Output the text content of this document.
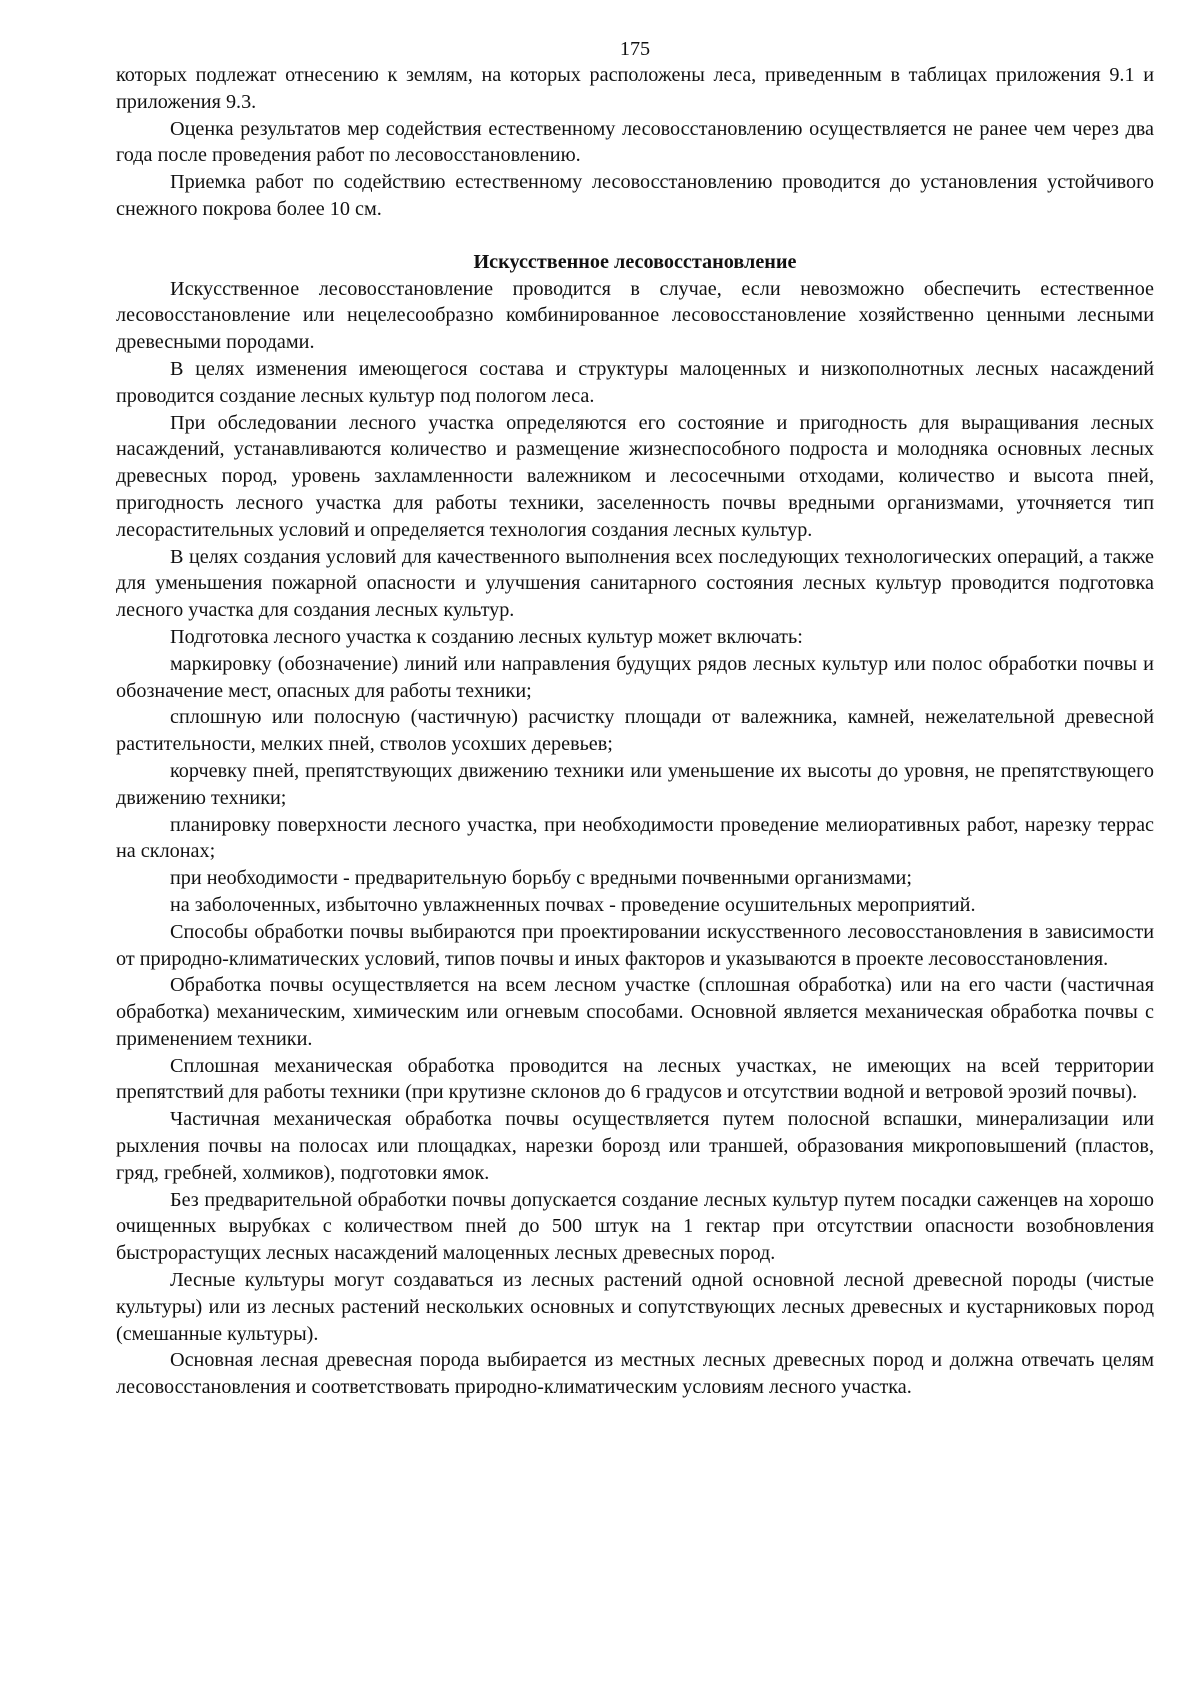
175

которых подлежат отнесению к землям, на которых расположены леса, приведенным в таблицах приложения 9.1 и приложения 9.3.

Оценка результатов мер содействия естественному лесовосстановлению осуществляется не ранее чем через два года после проведения работ по лесовосстановлению.

Приемка работ по содействию естественному лесовосстановлению проводится до установления устойчивого снежного покрова более 10 см.

Искусственное лесовосстановление

Искусственное лесовосстановление проводится в случае, если невозможно обеспечить естественное лесовосстановление или нецелесообразно комбинированное лесовосстановление хозяйственно ценными лесными древесными породами.

В целях изменения имеющегося состава и структуры малоценных и низкополнотных лесных насаждений проводится создание лесных культур под пологом леса.

При обследовании лесного участка определяются его состояние и пригодность для выращивания лесных насаждений, устанавливаются количество и размещение жизнеспособного подроста и молодняка основных лесных древесных пород, уровень захламленности валежником и лесосечными отходами, количество и высота пней, пригодность лесного участка для работы техники, заселенность почвы вредными организмами, уточняется тип лесорастительных условий и определяется технология создания лесных культур.

В целях создания условий для качественного выполнения всех последующих технологических операций, а также для уменьшения пожарной опасности и улучшения санитарного состояния лесных культур проводится подготовка лесного участка для создания лесных культур.

Подготовка лесного участка к созданию лесных культур может включать:

маркировку (обозначение) линий или направления будущих рядов лесных культур или полос обработки почвы и обозначение мест, опасных для работы техники;

сплошную или полосную (частичную) расчистку площади от валежника, камней, нежелательной древесной растительности, мелких пней, стволов усохших деревьев;

корчевку пней, препятствующих движению техники или уменьшение их высоты до уровня, не препятствующего движению техники;

планировку поверхности лесного участка, при необходимости проведение мелиоративных работ, нарезку террас на склонах;

при необходимости - предварительную борьбу с вредными почвенными организмами;

на заболоченных, избыточно увлажненных почвах - проведение осушительных мероприятий.

Способы обработки почвы выбираются при проектировании искусственного лесовосстановления в зависимости от природно-климатических условий, типов почвы и иных факторов и указываются в проекте лесовосстановления.

Обработка почвы осуществляется на всем лесном участке (сплошная обработка) или на его части (частичная обработка) механическим, химическим или огневым способами. Основной является механическая обработка почвы с применением техники.

Сплошная механическая обработка проводится на лесных участках, не имеющих на всей территории препятствий для работы техники (при крутизне склонов до 6 градусов и отсутствии водной и ветровой эрозий почвы).

Частичная механическая обработка почвы осуществляется путем полосной вспашки, минерализации или рыхления почвы на полосах или площадках, нарезки борозд или траншей, образования микроповышений (пластов, гряд, гребней, холмиков), подготовки ямок.

Без предварительной обработки почвы допускается создание лесных культур путем посадки саженцев на хорошо очищенных вырубках с количеством пней до 500 штук на 1 гектар при отсутствии опасности возобновления быстрорастущих лесных насаждений малоценных лесных древесных пород.

Лесные культуры могут создаваться из лесных растений одной основной лесной древесной породы (чистые культуры) или из лесных растений нескольких основных и сопутствующих лесных древесных и кустарниковых пород (смешанные культуры).

Основная лесная древесная порода выбирается из местных лесных древесных пород и должна отвечать целям лесовосстановления и соответствовать природно-климатическим условиям лесного участка.
